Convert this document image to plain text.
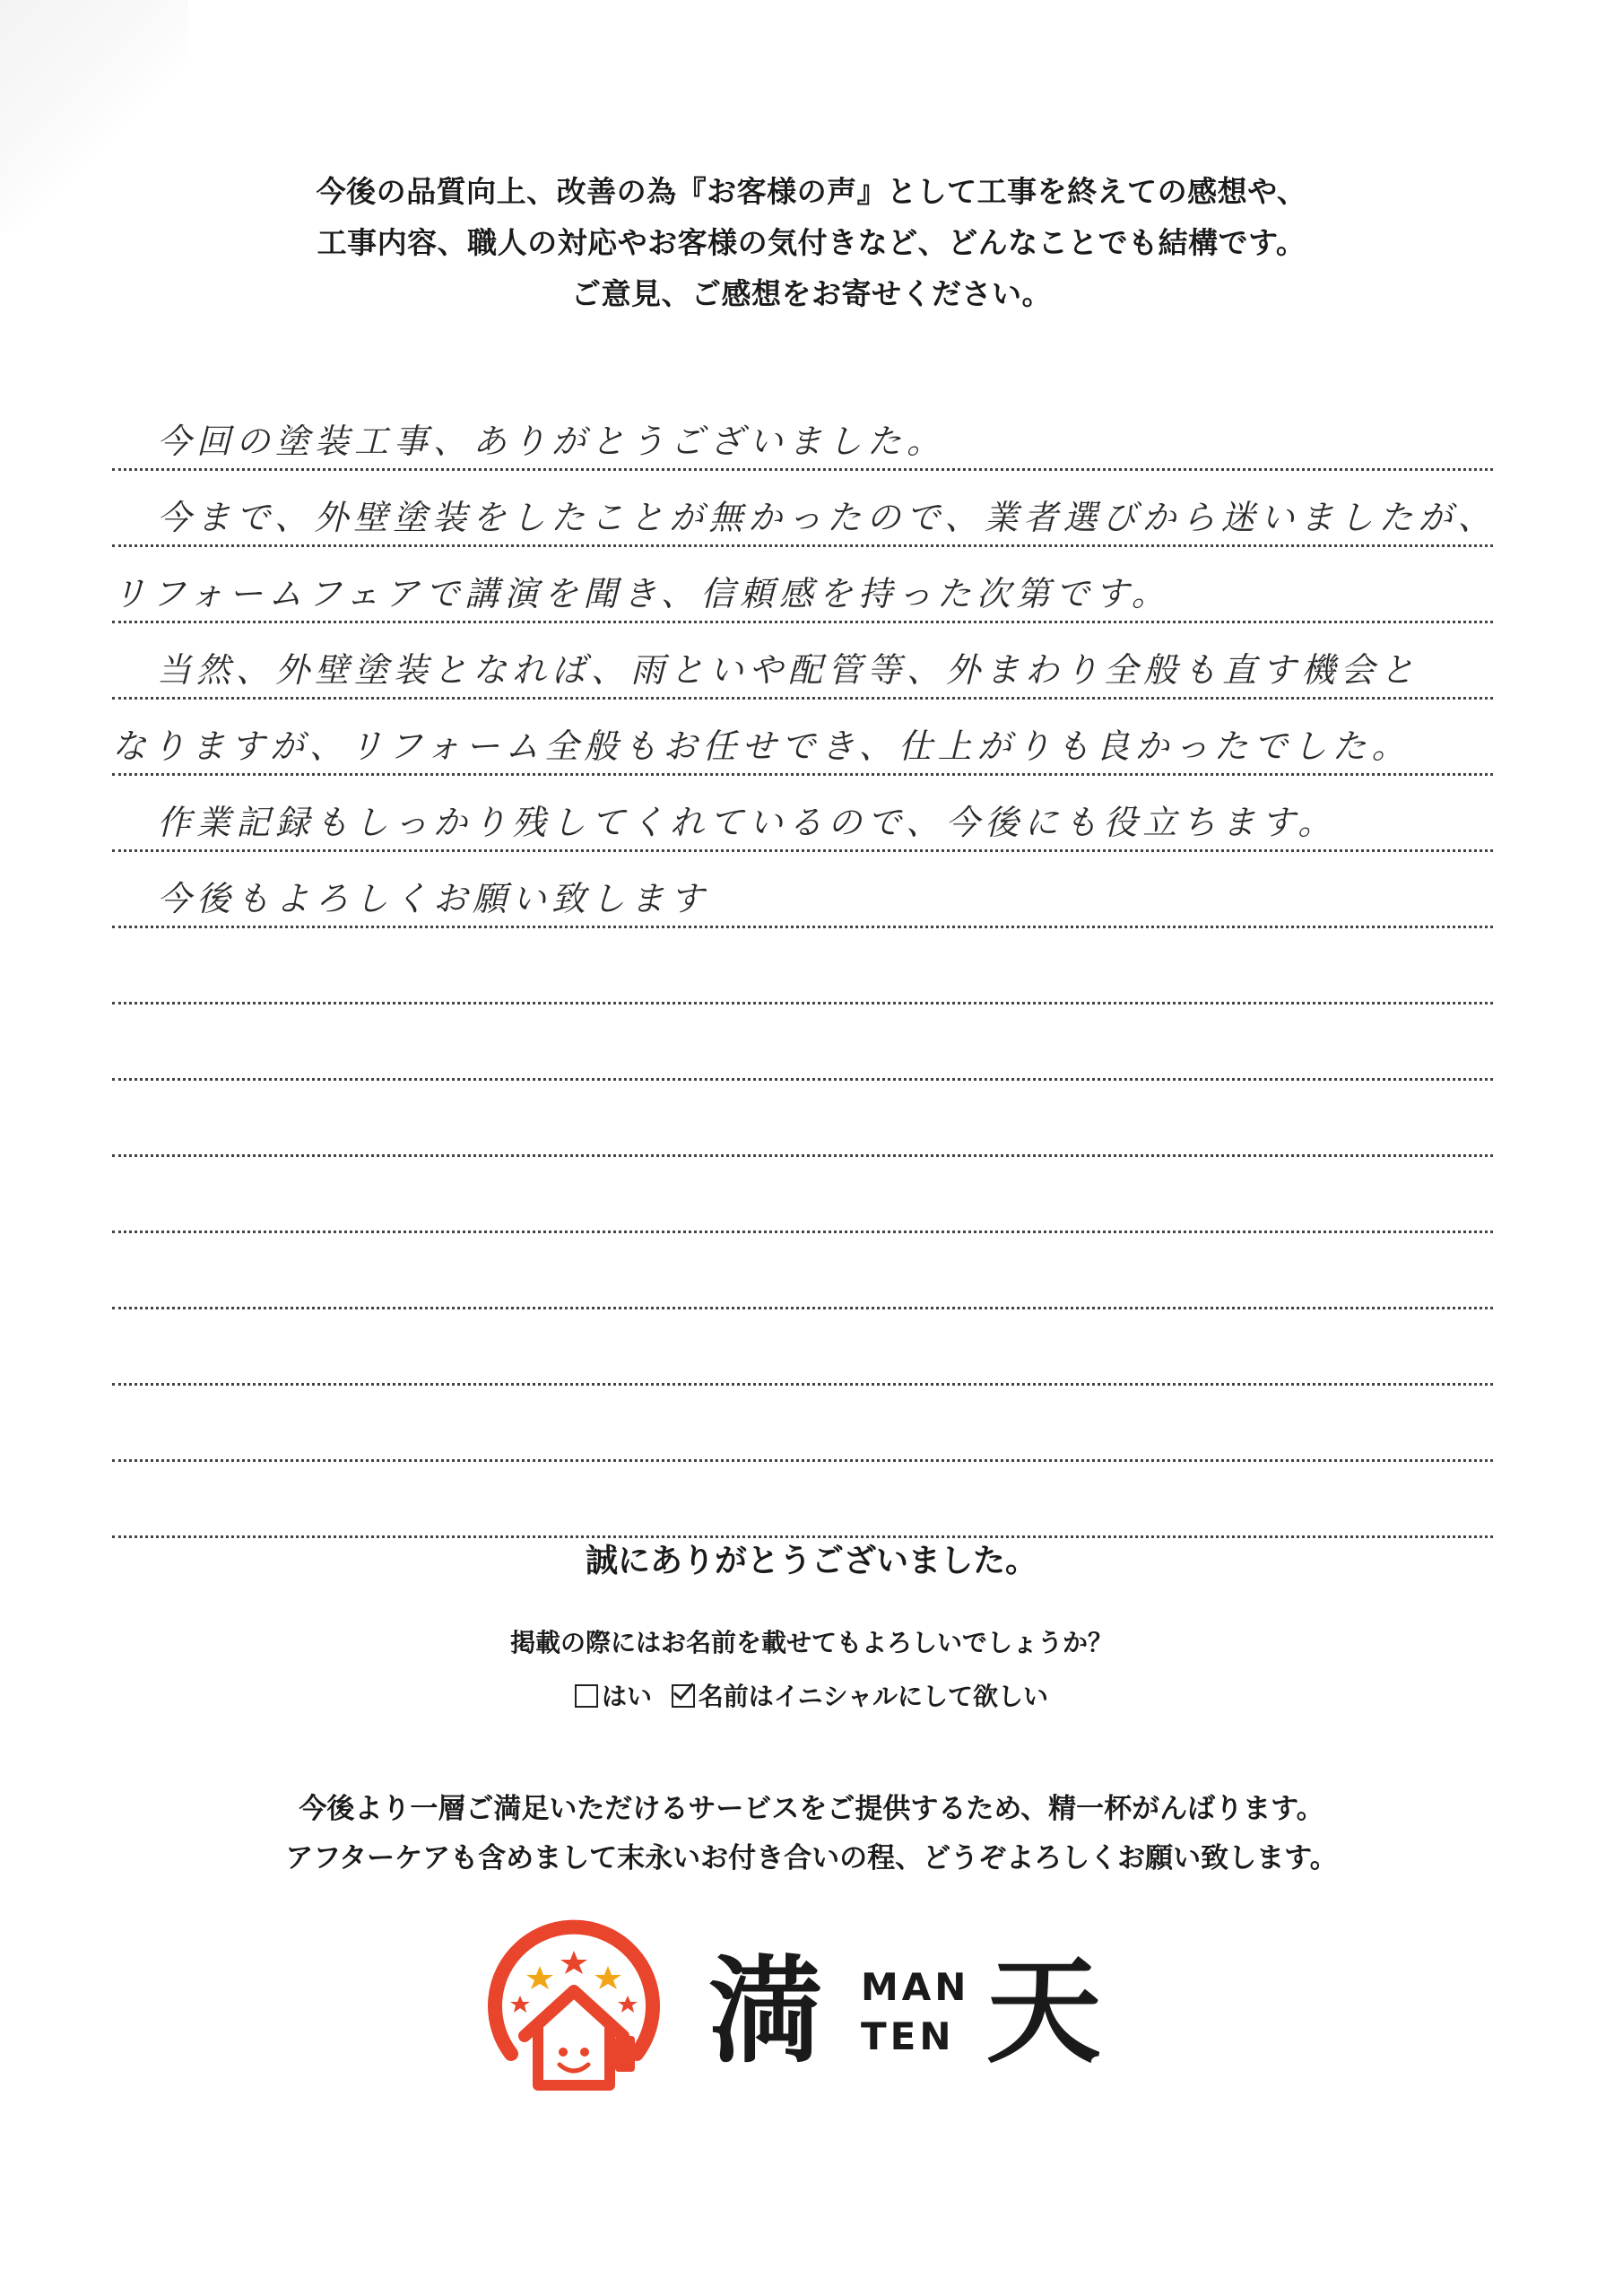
今後の品質向上、改善の為『お客様の声』として工事を終えての感想や、
工事内容、職人の対応やお客様の気付きなど、どんなことでも結構です。
ご意見、ご感想をお寄せください。
今回の塗装工事、ありがとうございました。
今まで、外壁塗装をしたことが無かったので、業者選びから迷いましたが、
リフォームフェアで講演を聞き、信頼感を持った次第です。
当然、外壁塗装となれば、雨といや配管等、外まわり全般も直す機会と
なりますが、リフォーム全般もお任せでき、仕上がりも良かったでした。
作業記録もしっかり残してくれているので、今後にも役立ちます。
今後もよろしくお願い致します
誠にありがとうございました。
掲載の際にはお名前を載せてもよろしいでしょうか？
はい 名前はイニシャルにして欲しい
今後より一層ご満足いただけるサービスをご提供するため、精一杯がんばります。
アフターケアも含めまして末永いお付き合いの程、どうぞよろしくお願い致します。
満 MAN
TEN 天
